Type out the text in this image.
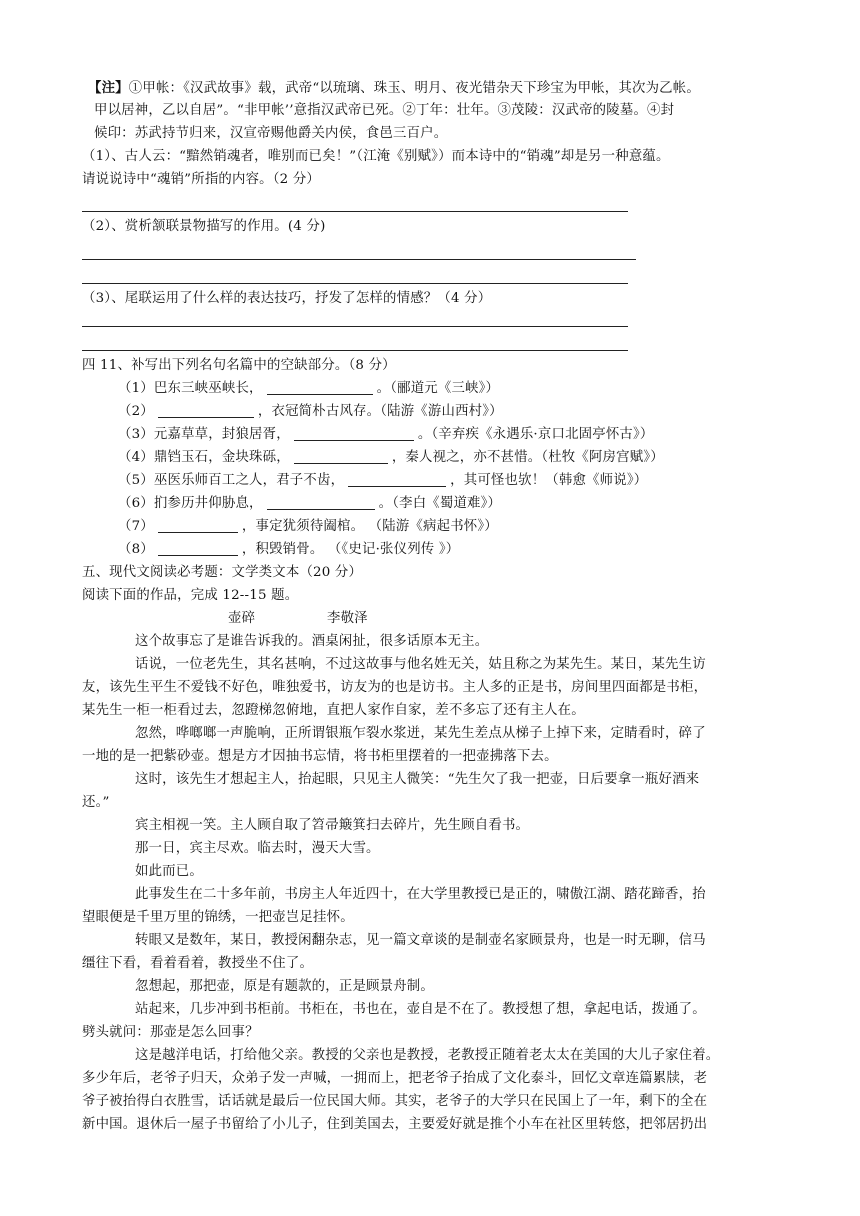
【注】①甲帐：《汉武故事》载，武帝“以琉璃、珠玉、明月、夜光错杂天下珍宝为甲帐，其次为乙帐。
甲以居神，乙以自居”。“非甲帐’’意指汉武帝已死。②丁年：壮年。③茂陵：汉武帝的陵墓。④封
候印：苏武持节归来，汉宣帝赐他爵关内侯，食邑三百户。
（1）、古人云：“黯然销魂者，唯别而已矣！”（江淹《别赋》）而本诗中的“销魂”却是另一种意蕴。
请说说诗中“魂销”所指的内容。（2 分）
（2）、赏析颔联景物描写的作用。(4 分)
（3）、尾联运用了什么样的表达技巧，抒发了怎样的情感？（4 分）
四 11、补写出下列名句名篇中的空缺部分。（8 分）
（1）巴东三峡巫峡长，	。（郦道元《三峡》）
（2）	，衣冠简朴古风存。（陆游《游山西村》）
（3）元嘉草草，封狼居胥，	。（辛弃疾《永遇乐·京口北固亭怀古》）
（4）鼎铛玉石，金块珠砾，	，秦人视之，亦不甚惜。（杜牧《阿房宫赋》）
（5）巫医乐师百工之人，君子不齿，	，其可怪也欤！（韩愈《师说》）
（6）扪参历井仰胁息，	。（李白《蜀道难》）
（7）	，事定犹须待阖棺。 （陆游《病起书怀》）
（8）	，积毁销骨。 （《史记·张仪列传 》）
五、现代文阅读必考题：文学类文本（20 分）
阅读下面的作品，完成 12--15 题。
壶碎	李敬泽
这个故事忘了是谁告诉我的。酒桌闲扯，很多话原本无主。
话说，一位老先生，其名甚响，不过这故事与他名姓无关，姑且称之为某先生。某日，某先生访
友，该先生平生不爱钱不好色，唯独爱书，访友为的也是访书。主人多的正是书，房间里四面都是书柜，
某先生一柜一柜看过去，忽蹬梯忽俯地，直把人家作自家，差不多忘了还有主人在。
忽然，哗啷啷一声脆响，正所谓银瓶乍裂水浆迸，某先生差点从梯子上掉下来，定睛看时，碎了
一地的是一把紫砂壶。想是方才因抽书忘情，将书柜里摆着的一把壶拂落下去。
这时，该先生才想起主人，抬起眼，只见主人微笑：“先生欠了我一把壶，日后要拿一瓶好酒来
还。”
宾主相视一笑。主人顾自取了笤帚簸箕扫去碎片，先生顾自看书。
那一日，宾主尽欢。临去时，漫天大雪。
如此而已。
此事发生在二十多年前，书房主人年近四十，在大学里教授已是正的，啸傲江湖、踏花蹄香，抬
望眼便是千里万里的锦绣，一把壶岂足挂怀。
转眼又是数年，某日，教授闲翻杂志，见一篇文章谈的是制壶名家顾景舟，也是一时无聊，信马
缰往下看，看着看着，教授坐不住了。
忽想起，那把壶，原是有题款的，正是顾景舟制。
站起来，几步冲到书柜前。书柜在，书也在，壶自是不在了。教授想了想，拿起电话，拨通了。
劈头就问：那壶是怎么回事？
这是越洋电话，打给他父亲。教授的父亲也是教授，老教授正随着老太太在美国的大儿子家住着。
多少年后，老爷子归天，众弟子发一声喊，一拥而上，把老爷子抬成了文化泰斗，回忆文章连篇累牍，老
爷子被抬得白衣胜雪，话话就是最后一位民国大师。其实，老爷子的大学只在民国上了一年，剩下的全在
新中国。退休后一屋子书留给了小儿子，住到美国去，主要爱好就是推个小车在社区里转悠，把邻居扔出
